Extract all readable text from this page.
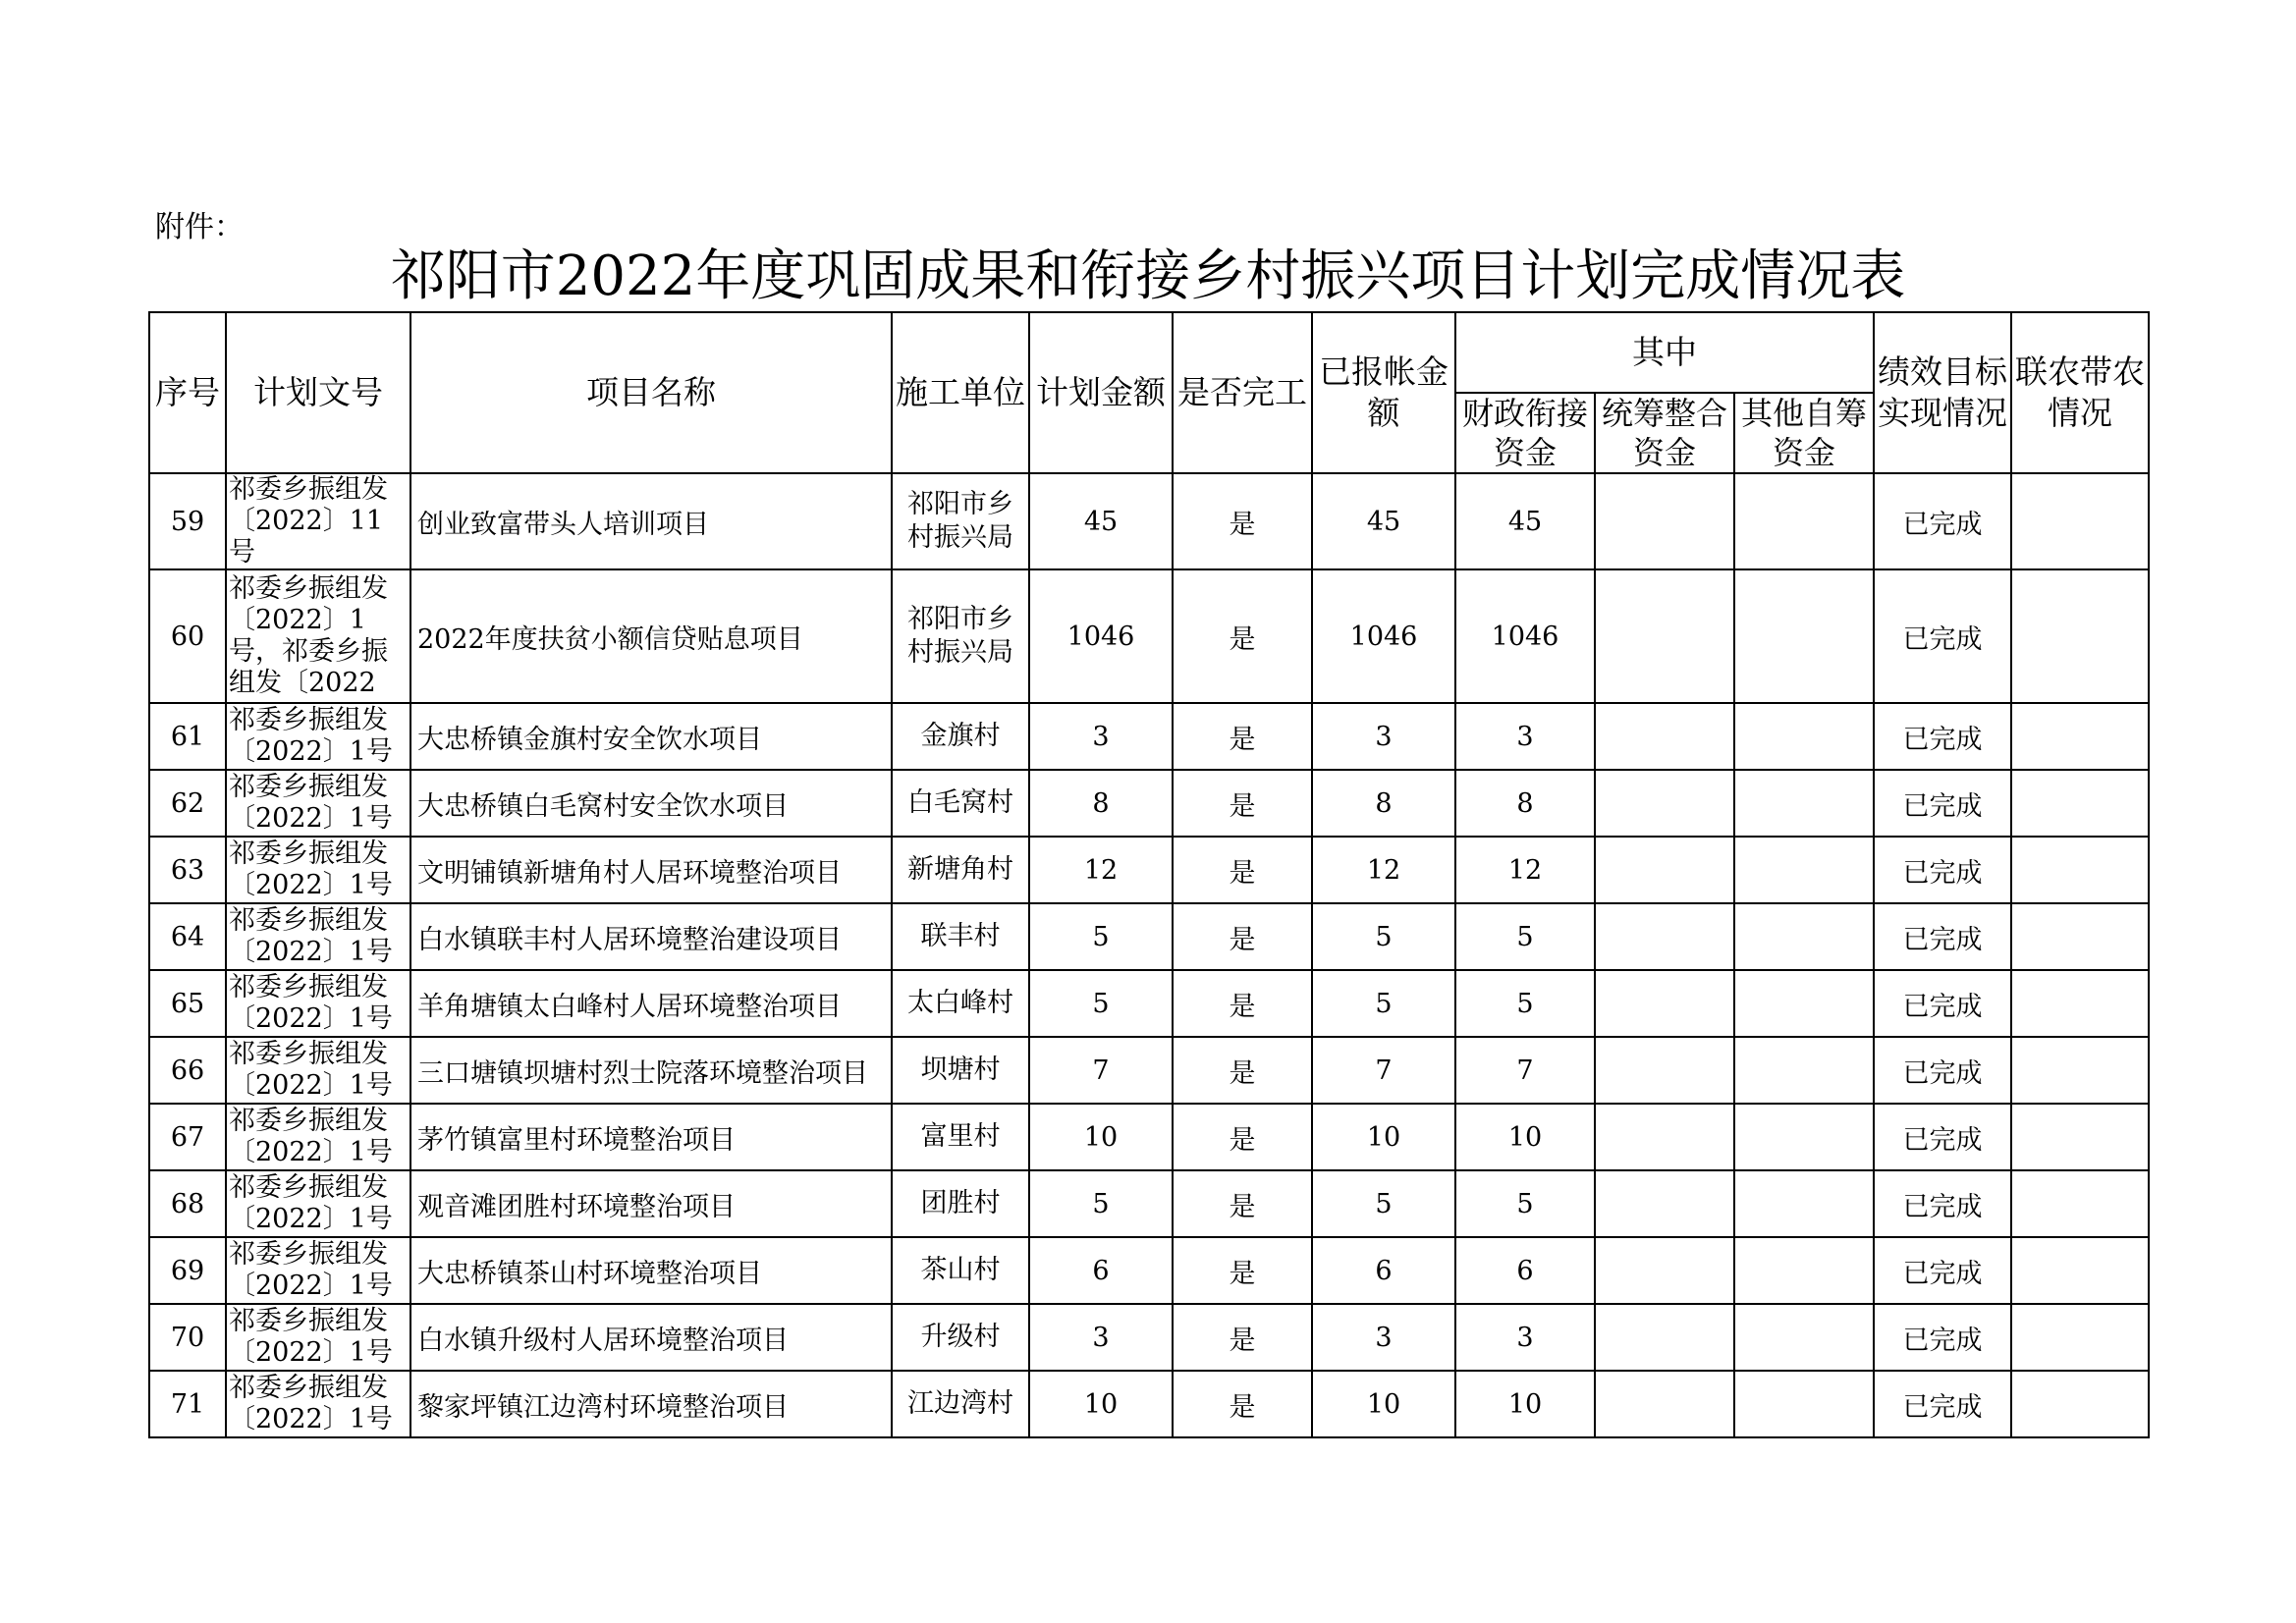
附件：
祁阳市2022年度巩固成果和衔接乡村振兴项目计划完成情况表
序号	计划文号	项目名称	施工单位	计划金额	是否完工	已报帐金额	其中			绩效目标实现情况	联农带农情况
							财政衔接资金	统筹整合资金	其他自筹资金		
59	祁委乡振组发〔2022〕11号	创业致富带头人培训项目	祁阳市乡村振兴局	45	是	45	45			已完成	
60	祁委乡振组发〔2022〕1号，祁委乡振组发〔2022	2022年度扶贫小额信贷贴息项目	祁阳市乡村振兴局	1046	是	1046	1046			已完成	
61	祁委乡振组发〔2022〕1号	大忠桥镇金旗村安全饮水项目	金旗村	3	是	3	3			已完成	
62	祁委乡振组发〔2022〕1号	大忠桥镇白毛窝村安全饮水项目	白毛窝村	8	是	8	8			已完成	
63	祁委乡振组发〔2022〕1号	文明铺镇新塘角村人居环境整治项目	新塘角村	12	是	12	12			已完成	
64	祁委乡振组发〔2022〕1号	白水镇联丰村人居环境整治建设项目	联丰村	5	是	5	5			已完成	
65	祁委乡振组发〔2022〕1号	羊角塘镇太白峰村人居环境整治项目	太白峰村	5	是	5	5			已完成	
66	祁委乡振组发〔2022〕1号	三口塘镇坝塘村烈士院落环境整治项目	坝塘村	7	是	7	7			已完成	
67	祁委乡振组发〔2022〕1号	茅竹镇富里村环境整治项目	富里村	10	是	10	10			已完成	
68	祁委乡振组发〔2022〕1号	观音滩团胜村环境整治项目	团胜村	5	是	5	5			已完成	
69	祁委乡振组发〔2022〕1号	大忠桥镇茶山村环境整治项目	茶山村	6	是	6	6			已完成	
70	祁委乡振组发〔2022〕1号	白水镇升级村人居环境整治项目	升级村	3	是	3	3			已完成	
71	祁委乡振组发〔2022〕1号	黎家坪镇江边湾村环境整治项目	江边湾村	10	是	10	10			已完成	
